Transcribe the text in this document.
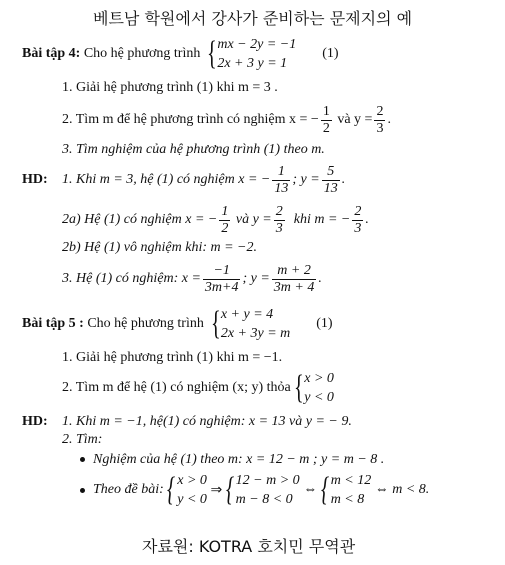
베트남 학원에서 강사가 준비하는 문제지의 예
Bài tập 4:
Cho hệ phương trình
{ mx − 2y = −1
2x + 3 y = 1
(1)
1. Giải hệ phương trình (1) khi m = 3 .
2. Tìm m để hệ phương trình có nghiệm x = − $\frac{1}{2}$
và $y = \frac{2}{3}$ .
3. Tìm nghiệm của hệ phương trình (1) theo m.
HD: 1. Khi m = 3, hệ (1) có nghiệm x = − $\frac{1}{13}$ ; $y = \frac{5}{13}$ .
2a) Hệ (1) có nghiệm x = − $\frac{1}{2}$
và $y = \frac{2}{3}$
khi m = − $\frac{2}{3}$ .
2b) Hệ (1) vô nghiệm khi: m = −2.
3. Hệ (1) có nghiệm: $x = \frac{-1}{3m+4}$ ; $y = \frac{m + 2}{3m + 4}$ .
Bài tập 5 :
Cho hệ phương trình
{ x + y = 4
2x + 3y = m
(1)
1. Giải hệ phương trình (1) khi m = −1.
2. Tìm m để hệ (1) có nghiệm (x; y) thỏa
{ x > 0
y < 0
HD: 1. Khi m = −1, hệ(1) có nghiệm: x = 13 và y = − 9.
2. Tìm:
Nghiệm của hệ (1) theo m: x = 12 − m ; y = m − 8 .
Theo đề bài:
{ x > 0
y < 0

⇒
{ 12 − m > 0
m − 8 < 0

⇔
{ m < 12
m < 8

⇔
m < 8.
자료원: KOTRA 호치민 무역관
